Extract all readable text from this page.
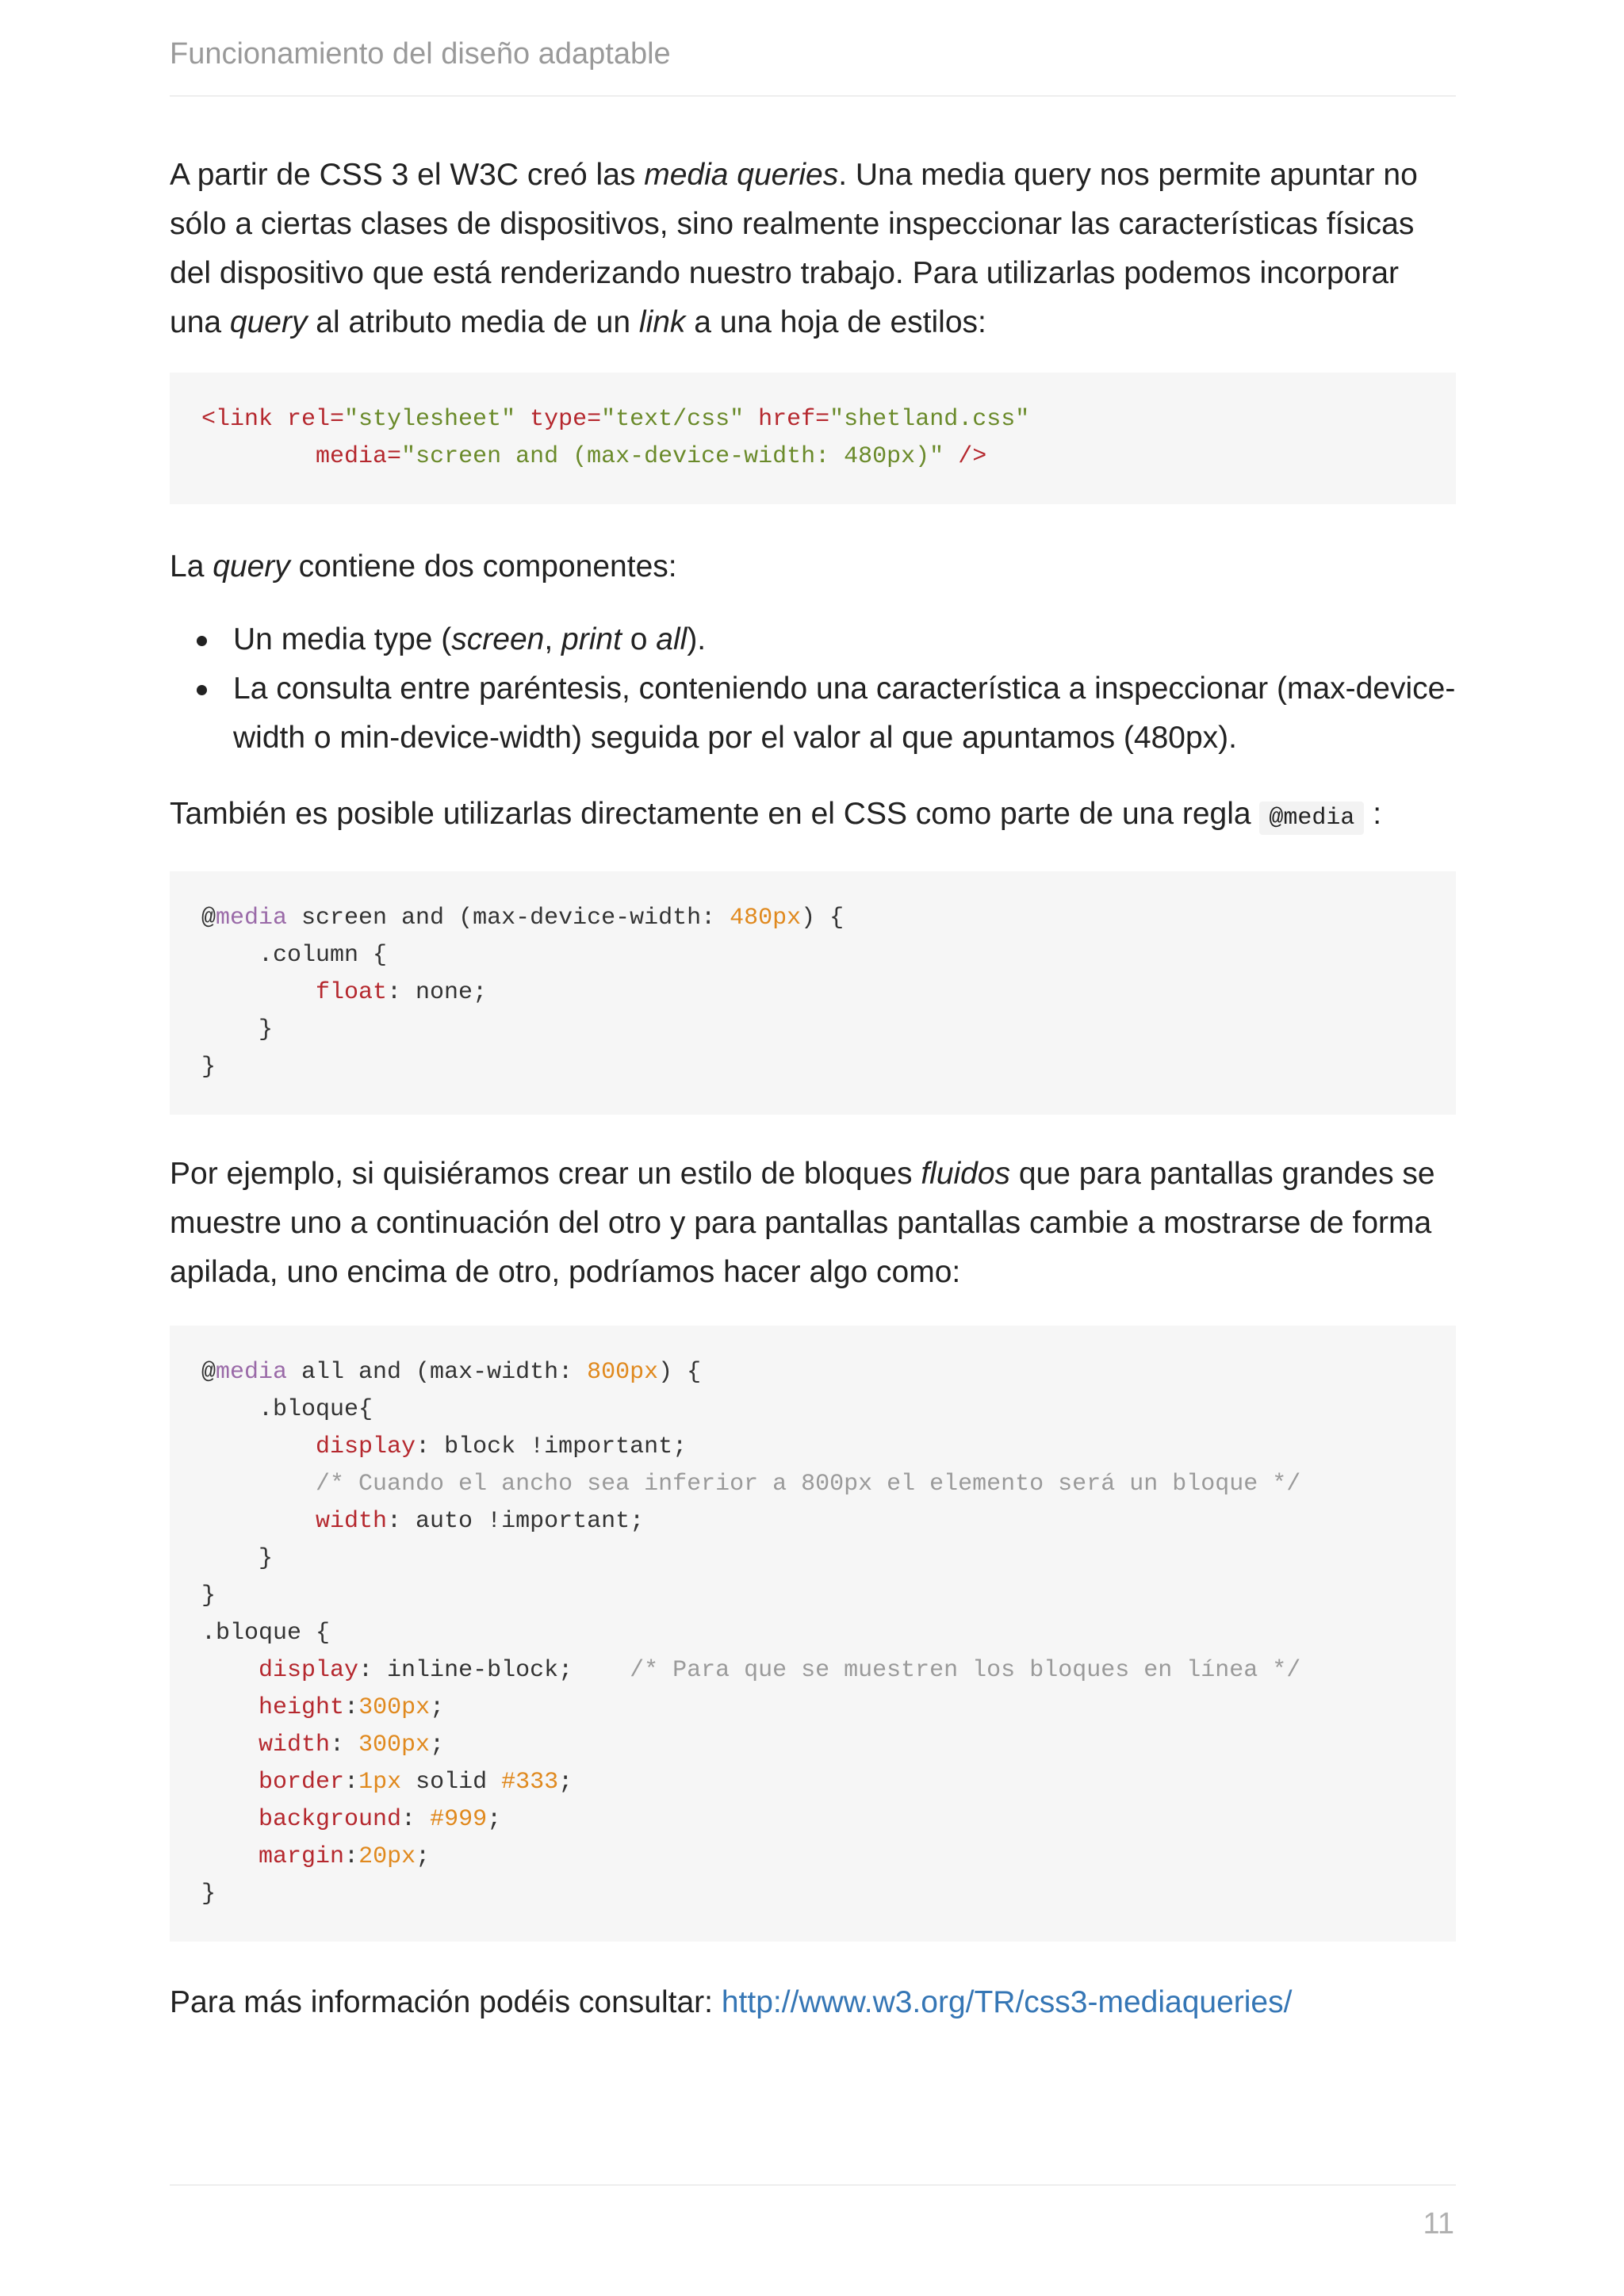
Funcionamiento del diseño adaptable

A partir de CSS 3 el W3C creó las media queries. Una media query nos permite apuntar no sólo a ciertas clases de dispositivos, sino realmente inspeccionar las características físicas del dispositivo que está renderizando nuestro trabajo. Para utilizarlas podemos incorporar una query al atributo media de un link a una hoja de estilos:

<link rel="stylesheet" type="text/css" href="shetland.css"
media="screen and (max-device-width: 480px)" />

La query contiene dos componentes:

Un media type (screen, print o all).
La consulta entre paréntesis, conteniendo una característica a inspeccionar (max-device-width o min-device-width) seguida por el valor al que apuntamos (480px).

También es posible utilizarlas directamente en el CSS como parte de una regla @media :

@media screen and (max-device-width: 480px) {
.column {
float: none;
}
}

Por ejemplo, si quisiéramos crear un estilo de bloques fluidos que para pantallas grandes se muestre uno a continuación del otro y para pantallas pantallas cambie a mostrarse de forma apilada, uno encima de otro, podríamos hacer algo como:

@media all and (max-width: 800px) {
.bloque{
display: block !important;
/* Cuando el ancho sea inferior a 800px el elemento será un bloque */
width: auto !important;
}
}
.bloque {
display: inline-block;    /* Para que se muestren los bloques en línea */
height:300px;
width: 300px;
border:1px solid #333;
background: #999;
margin:20px;
}

Para más información podéis consultar: http://www.w3.org/TR/css3-mediaqueries/

11
